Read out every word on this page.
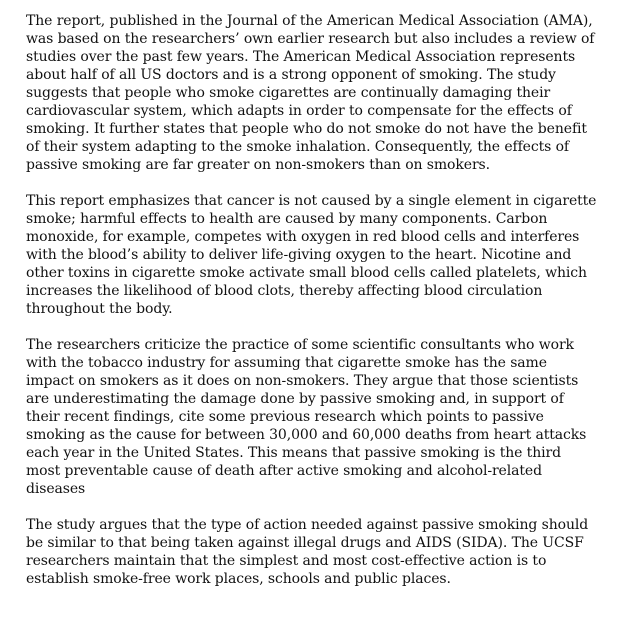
The report, published in the Journal of the American Medical Association (AMA),
was based on the researchers’ own earlier research but also includes a review of
studies over the past few years. The American Medical Association represents
about half of all US doctors and is a strong opponent of smoking. The study
suggests that people who smoke cigarettes are continually damaging their
cardiovascular system, which adapts in order to compensate for the effects of
smoking. It further states that people who do not smoke do not have the benefit
of their system adapting to the smoke inhalation. Consequently, the effects of
passive smoking are far greater on non-smokers than on smokers.

This report emphasizes that cancer is not caused by a single element in cigarette
smoke; harmful effects to health are caused by many components. Carbon
monoxide, for example, competes with oxygen in red blood cells and interferes
with the blood’s ability to deliver life-giving oxygen to the heart. Nicotine and
other toxins in cigarette smoke activate small blood cells called platelets, which
increases the likelihood of blood clots, thereby affecting blood circulation
throughout the body.

The researchers criticize the practice of some scientific consultants who work
with the tobacco industry for assuming that cigarette smoke has the same
impact on smokers as it does on non-smokers. They argue that those scientists
are underestimating the damage done by passive smoking and, in support of
their recent findings, cite some previous research which points to passive
smoking as the cause for between 30,000 and 60,000 deaths from heart attacks
each year in the United States. This means that passive smoking is the third
most preventable cause of death after active smoking and alcohol-related
diseases

The study argues that the type of action needed against passive smoking should
be similar to that being taken against illegal drugs and AIDS (SIDA). The UCSF
researchers maintain that the simplest and most cost-effective action is to
establish smoke-free work places, schools and public places.
